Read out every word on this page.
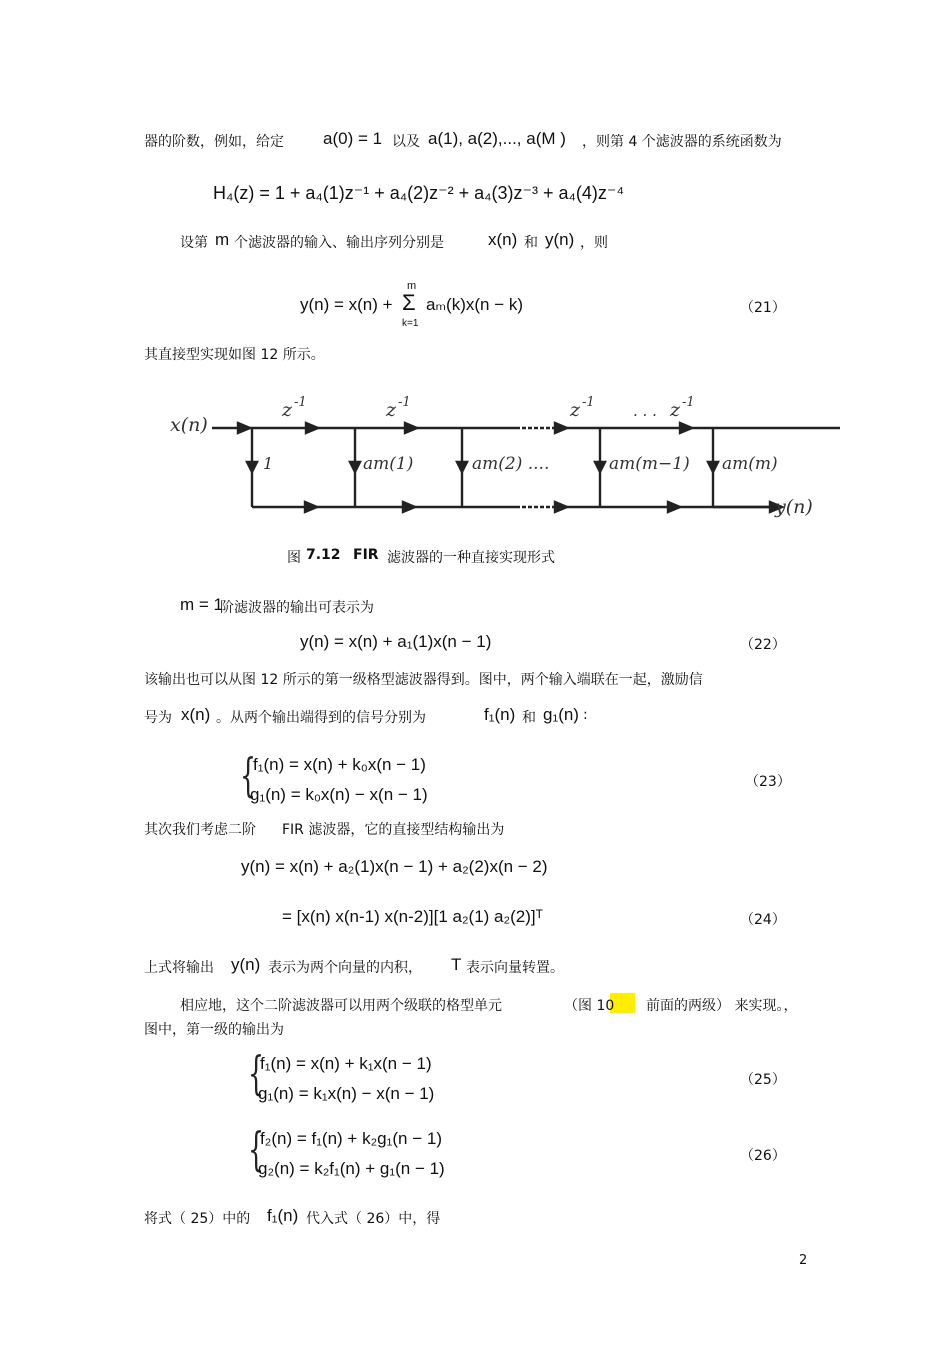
器的阶数，例如，给定 a(0) = 1 以及 a(1), a(2),..., a(M ) ，则第 4 个滤波器的系统函数为
H₄(z) = 1 + a₄(1)z⁻¹ + a₄(2)z⁻² + a₄(3)z⁻³ + a₄(4)z⁻⁴
设第 m 个滤波器的输入、输出序列分别是	x(n) 和 y(n) ，则
m
y(n) = x(n) + Σ
k=1
aₘ(k)x(n − k)	（21）
其直接型实现如图 12 所示。
x(n)
y(n)
z -1	z -1	z -1	. . . z -1
1	am(1)	am(2) ....	am(m−1) am(m)
图 7.12 FIR 滤波器的一种直接实现形式
m = 1
阶滤波器的输出可表示为
y(n) = x(n) + a₁(1)x(n − 1)	（22）
该输出也可以从图 12 所示的第一级格型滤波器得到。图中，两个输入端联在一起，激励信
号为 x(n) 。从两个输出端得到的信号分别为	f₁(n) 和 g₁(n) :
{
f₁(n) = x(n) + k₀x(n − 1)
g₁(n) = k₀x(n) − x(n − 1)
（23）
其次我们考虑二阶 FIR 滤波器，它的直接型结构输出为
y(n) = x(n) + a₂(1)x(n − 1) + a₂(2)x(n − 2)
= [x(n) x(n-1) x(n-2)][1 a₂(1) a₂(2)]ᵀ	（24）
上式将输出 y(n) 表示为两个向量的内积， T 表示向量转置。
相应地，这个二阶滤波器可以用两个级联的格型单元	（图 10 前面的两级） 来实现。，
图中，第一级的输出为
{
f₁(n) = x(n) + k₁x(n − 1)
g₁(n) = k₁x(n) − x(n − 1)
（25）
{
f₂(n) = f₁(n) + k₂g₁(n − 1)
g₂(n) = k₂f₁(n) + g₁(n − 1)
（26）
将式（ 25）中的 f₁(n) 代入式（ 26）中，得
2
